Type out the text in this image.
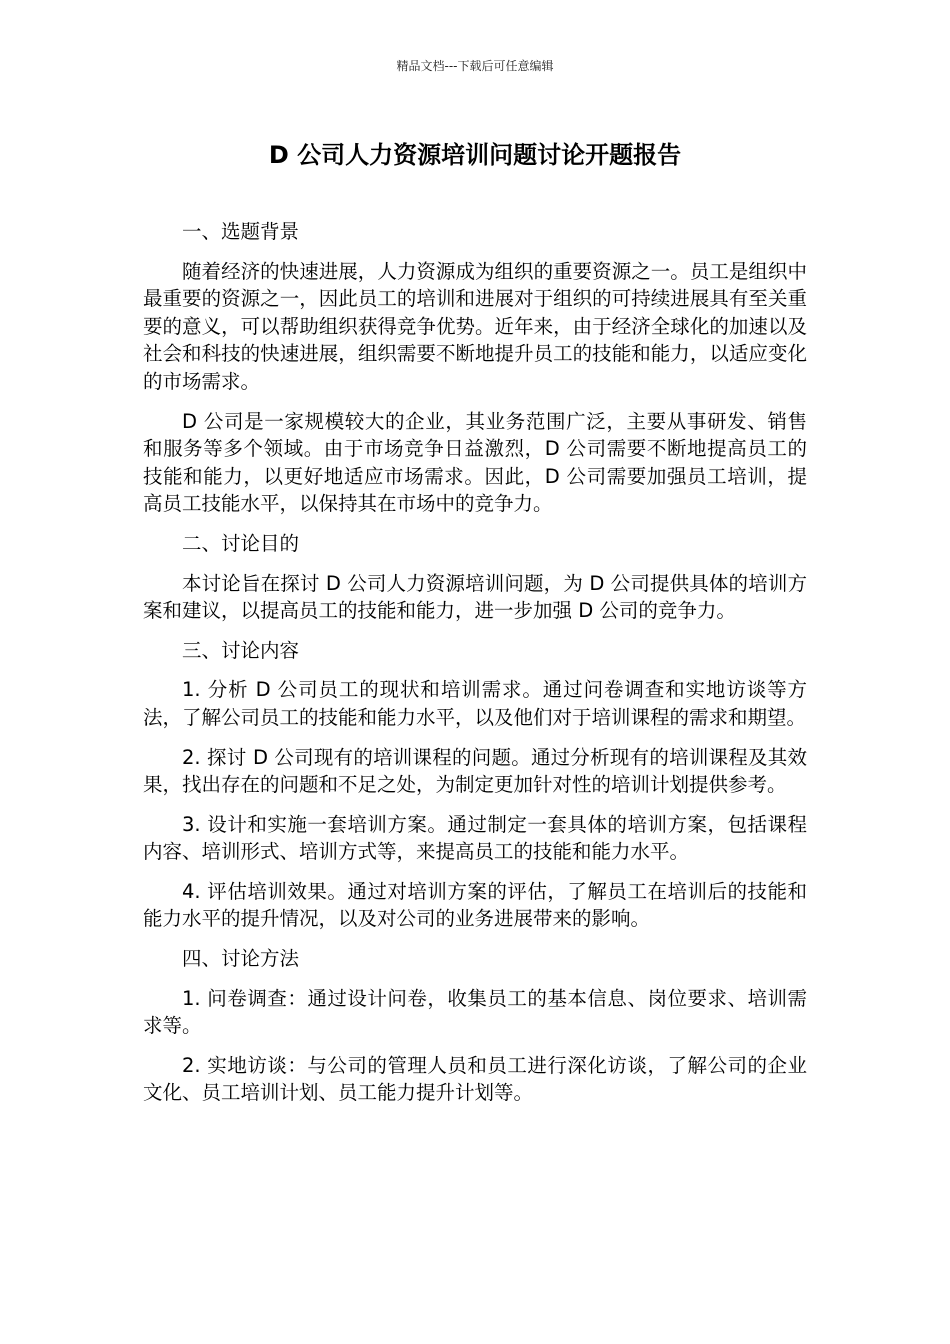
精品文档---下载后可任意编辑
D 公司人力资源培训问题讨论开题报告

一、选题背景

随着经济的快速进展，人力资源成为组织的重要资源之一。员工是组织中最重要的资源之一，因此员工的培训和进展对于组织的可持续进展具有至关重要的意义，可以帮助组织获得竞争优势。近年来，由于经济全球化的加速以及社会和科技的快速进展，组织需要不断地提升员工的技能和能力，以适应变化的市场需求。

D 公司是一家规模较大的企业，其业务范围广泛，主要从事研发、销售和服务等多个领域。由于市场竞争日益激烈，D 公司需要不断地提高员工的技能和能力，以更好地适应市场需求。因此，D 公司需要加强员工培训，提高员工技能水平，以保持其在市场中的竞争力。

二、讨论目的

本讨论旨在探讨 D 公司人力资源培训问题，为 D 公司提供具体的培训方案和建议，以提高员工的技能和能力，进一步加强 D 公司的竞争力。

三、讨论内容

1. 分析 D 公司员工的现状和培训需求。通过问卷调查和实地访谈等方法，了解公司员工的技能和能力水平，以及他们对于培训课程的需求和期望。

2. 探讨 D 公司现有的培训课程的问题。通过分析现有的培训课程及其效果，找出存在的问题和不足之处，为制定更加针对性的培训计划提供参考。

3. 设计和实施一套培训方案。通过制定一套具体的培训方案，包括课程内容、培训形式、培训方式等，来提高员工的技能和能力水平。

4. 评估培训效果。通过对培训方案的评估，了解员工在培训后的技能和能力水平的提升情况，以及对公司的业务进展带来的影响。

四、讨论方法

1. 问卷调查：通过设计问卷，收集员工的基本信息、岗位要求、培训需求等。

2. 实地访谈：与公司的管理人员和员工进行深化访谈，了解公司的企业文化、员工培训计划、员工能力提升计划等。
